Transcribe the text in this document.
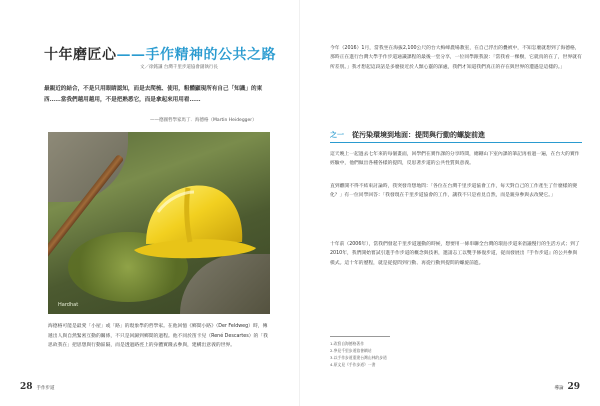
十年磨匠心——手作精神的公共之路
文／徐銘謙 台灣千里步道協會副執行長
最親近的結合，不是只用眼睛認知，而是去爬梳、使用，粗體顯現所有自己「知識」的東西……當我們越用越用，不是把熟悉它，而是拿起來用用看……
——德國哲學家馬丁．海德格（Martin Heidegger）
Hardhat
海德格可能是最愛「小屋」或「路」的現象學的哲學家。在他回憶《鄉間小路》（Der Feldweg）時，傳遞出人與自然緊密互動的關係，不只是回歸到鄉間的過程。他不同於笛卡兒（René Descartes）的「我思故我在」把思想與行動區隔，而是透過路徑上的身體實踐去參與，建構出意義的世界。
28 手作步道
今年（2016）1月，當我坐在海拔2,100公尺的台大梅峰農場教室，在自己浮出的疊被中，不知怎麼就想到了海德格，那時正在進行台灣大學手作步道通識課程的最後一堂分享，一位同學跟我說：「當我看一棵樹，它就真的在了，世界就有所差別。」我才想起這段話是多麼接近於人類心靈的深處，我們才知道我們真正的存在與世界的遭遇是這樣的。」
之一 從污染環境到地面：提問與行動的螺旋前進
這天晚上一起過去七年來的每個畫面，回學們在實作課的分享時間，總剛山下室內課的筆記再看過一遍，在台大的實作經驗中，他們做出各種各樣的提問，反思著步道的公共性質與意義。
直到離開不得不結束討論時，我突發奇想地問：「各位在台灣千里步道協會工作，每天對自己的工作產生了什麼樣的變化？」有一位同學回答：「我發現在千里步道協會的工作，讓我不只是看見自然，而是親身參與去改變它。」
十年前（2006年），當我們發起千里步道運動的時候，想要用一條串聯全台灣的環島步道來倡議慢行的生活方式；到了2010年，我們開始嘗試引進手作步道的概念與技術，邀請志工以雙手修復步道，從而發展出『手作步道』的公共參與模式。這十年的歷程，就是從提問到行動、再從行動到提問的螺旋前進。
1.改寫自海德格著作
2.參見千里步道協會網站
3.以手作步道重建台灣山林的步道
4.原文見《手作步道》一書
導論 29
